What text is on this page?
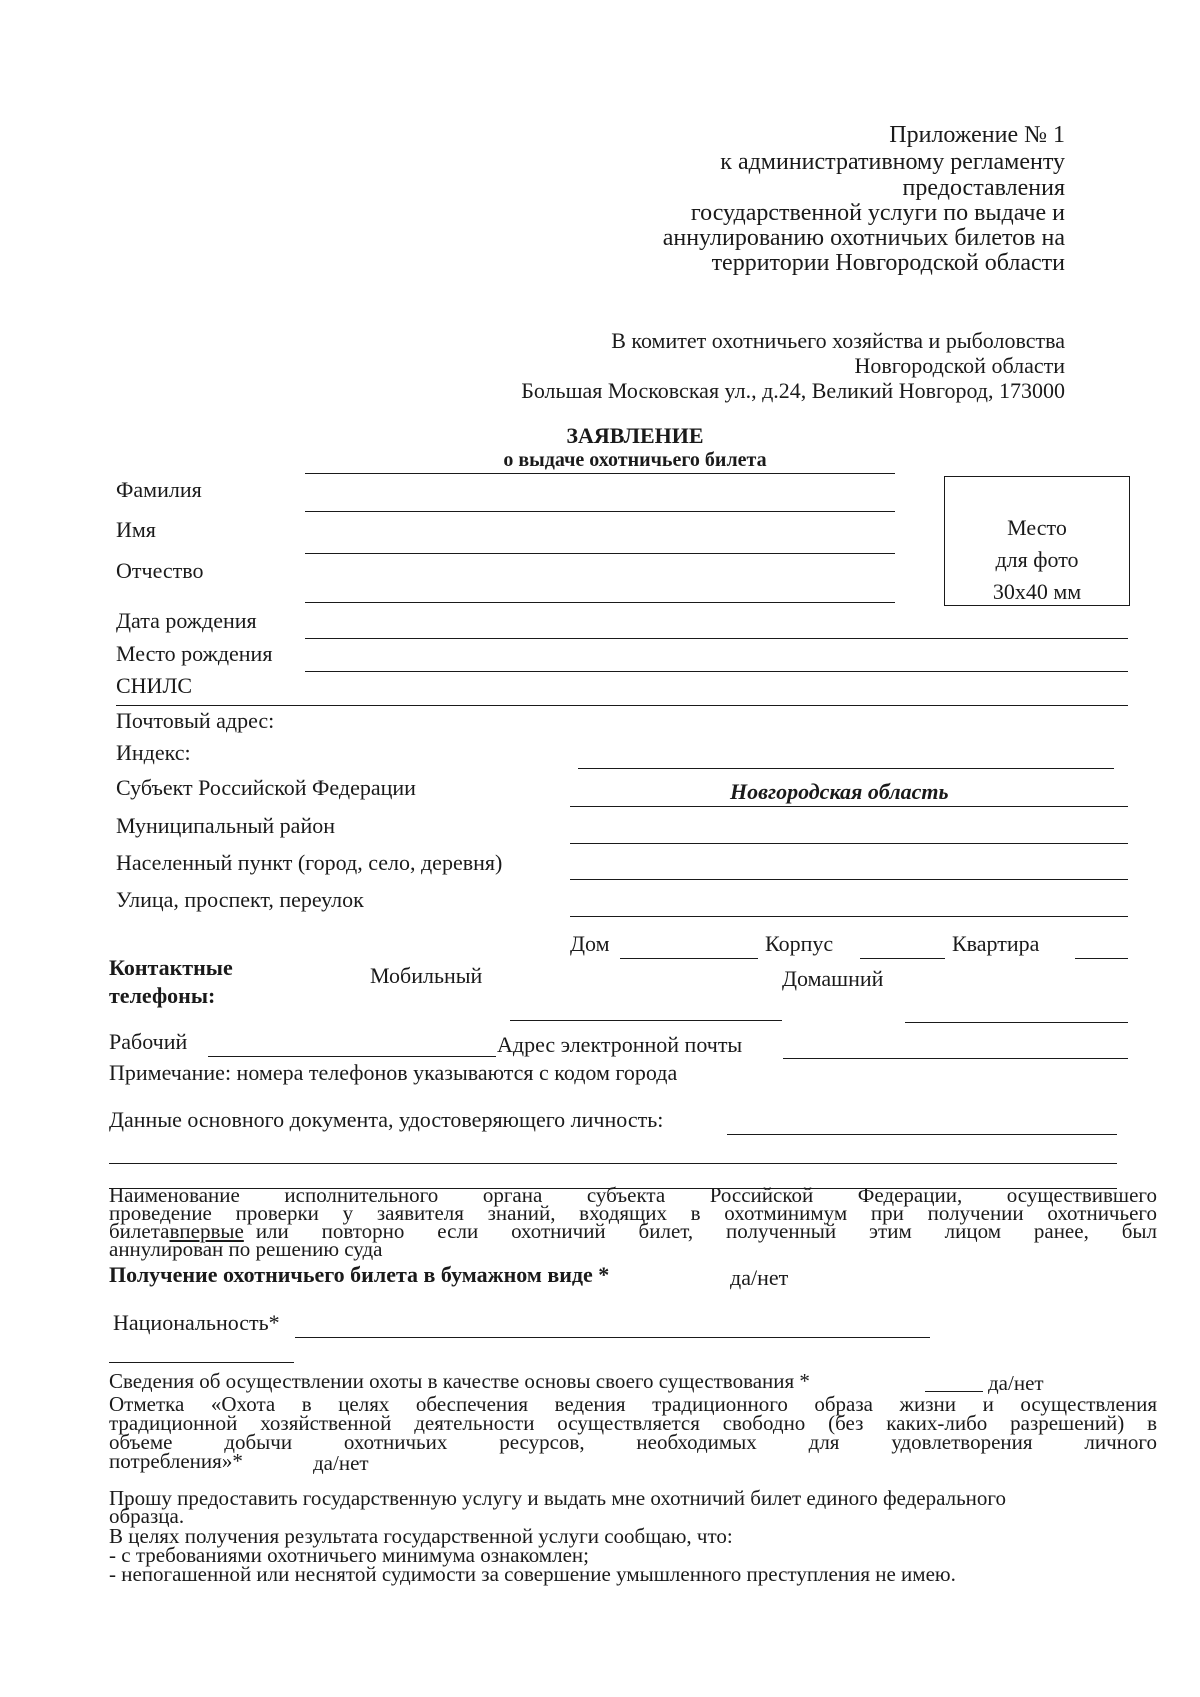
Приложение № 1
к административному регламенту
предоставления
государственной услуги по выдаче и
аннулированию охотничьих билетов на
территории Новгородской области
В комитет охотничьего хозяйства и рыболовства
Новгородской области
Большая Московская ул., д.24, Великий Новгород, 173000
ЗАЯВЛЕНИЕ
о выдаче охотничьего билета
Фамилия
Имя
Отчество
Место
для фото
30х40 мм
Дата рождения
Место рождения
СНИЛС
Почтовый адрес:
Индекс:
Субъект Российской Федерации	Новгородская область
Муниципальный район
Населенный пункт (город, село, деревня)
Улица, проспект, переулок
Дом	Корпус	Квартира
Контактные
телефоны:
Мобильный	Домашний
Рабочий	Адрес электронной почты
Примечание: номера телефонов указываются с кодом города
Данные основного документа, удостоверяющего личность:
Наименование исполнительного органа субъекта Российской Федерации, осуществившего
проведение проверки у заявителя знаний, входящих в охотминимум при получении охотничьего
билета впервые или повторно если охотничий билет, полученный этим лицом ранее, был
аннулирован по решению суда
Получение охотничьего билета в бумажном виде *	да/нет
Национальность*
Сведения об осуществлении охоты в качестве основы своего существования *	да/нет
Отметка «Охота в целях обеспечения ведения традиционного образа жизни и осуществления
традиционной хозяйственной деятельности осуществляется свободно (без каких-либо разрешений) в
объеме добычи охотничьих ресурсов, необходимых для удовлетворения личного
потребления»*	да/нет
Прошу предоставить государственную услугу и выдать мне охотничий билет единого федерального
образца.
В целях получения результата государственной услуги сообщаю, что:
- с требованиями охотничьего минимума ознакомлен;
- непогашенной или неснятой судимости за совершение умышленного преступления не имею.
